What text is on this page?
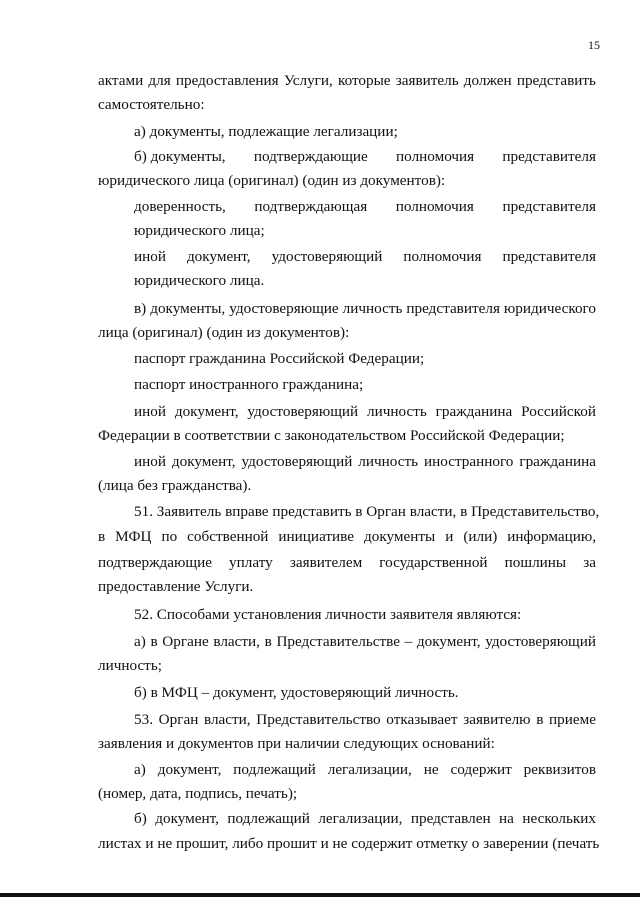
15
актами для предоставления Услуги, которые заявитель должен представить
самостоятельно:
а) документы, подлежащие легализации;
б) документы, подтверждающие полномочия представителя
юридического лица (оригинал) (один из документов):
доверенность, подтверждающая полномочия представителя
юридического лица;
иной документ, удостоверяющий полномочия представителя
юридического лица.
в) документы, удостоверяющие личность представителя юридического
лица (оригинал) (один из документов):
паспорт гражданина Российской Федерации;
паспорт иностранного гражданина;
иной документ, удостоверяющий личность гражданина Российской
Федерации в соответствии с законодательством Российской Федерации;
иной документ, удостоверяющий личность иностранного гражданина
(лица без гражданства).
51. Заявитель вправе представить в Орган власти, в Представительство,
в МФЦ по собственной инициативе документы и (или) информацию,
подтверждающие уплату заявителем государственной пошлины за
предоставление Услуги.
52. Способами установления личности заявителя являются:
а) в Органе власти, в Представительстве – документ, удостоверяющий
личность;
б) в МФЦ – документ, удостоверяющий личность.
53. Орган власти, Представительство отказывает заявителю в приеме
заявления и документов при наличии следующих оснований:
а) документ, подлежащий легализации, не содержит реквизитов
(номер, дата, подпись, печать);
б) документ, подлежащий легализации, представлен на нескольких
листах и не прошит, либо прошит и не содержит отметку о заверении (печать
